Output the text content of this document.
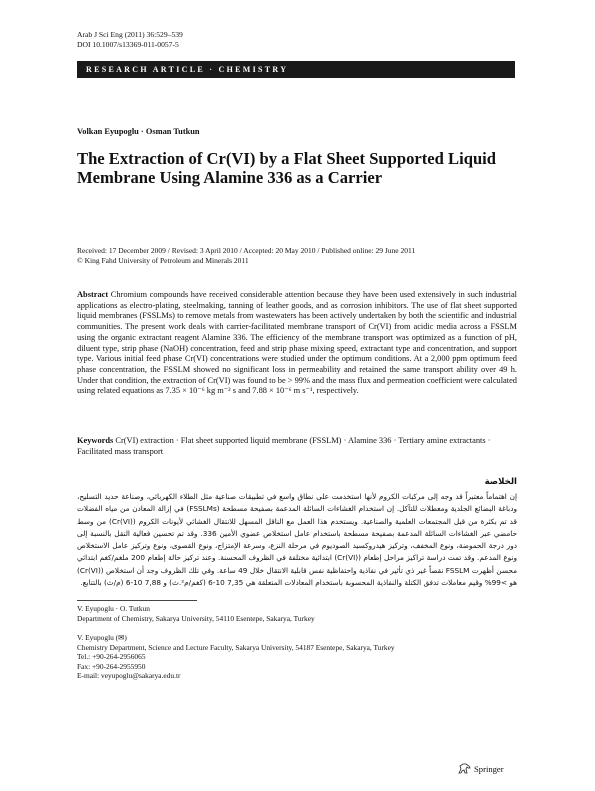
Arab J Sci Eng (2011) 36:529–539
DOI 10.1007/s13369-011-0057-5
RESEARCH ARTICLE · CHEMISTRY
Volkan Eyupoglu · Osman Tutkun
The Extraction of Cr(VI) by a Flat Sheet Supported Liquid Membrane Using Alamine 336 as a Carrier
Received: 17 December 2009 / Revised: 3 April 2010 / Accepted: 20 May 2010 / Published online: 29 June 2011
© King Fahd University of Petroleum and Minerals 2011
Abstract Chromium compounds have received considerable attention because they have been used extensively in such industrial applications as electro-plating, steelmaking, tanning of leather goods, and as corrosion inhibitors. The use of flat sheet supported liquid membranes (FSSLMs) to remove metals from wastewaters has been actively undertaken by both the scientific and industrial communities. The present work deals with carrier-facilitated membrane transport of Cr(VI) from acidic media across a FSSLM using the organic extractant reagent Alamine 336. The efficiency of the membrane transport was optimized as a function of pH, diluent type, strip phase (NaOH) concentration, feed and strip phase mixing speed, extractant type and concentration, and support type. Various initial feed phase Cr(VI) concentrations were studied under the optimum conditions. At a 2,000 ppm optimum feed phase concentration, the FSSLM showed no significant loss in permeability and retained the same transport ability over 49 h. Under that condition, the extraction of Cr(VI) was found to be > 99% and the mass flux and permeation coefficient were calculated using related equations as 7.35 × 10⁻⁶ kg m⁻² s and 7.88 × 10⁻⁶ m s⁻¹, respectively.
Keywords Cr(VI) extraction · Flat sheet supported liquid membrane (FSSLM) · Alamine 336 · Tertiary amine extractants · Facilitated mass transport
الخلاصة
إن اهتماماً معتبراً قد وجه إلى مركبات الكروم لأنها استخدمت على نطاق واسع في تطبيقات صناعية مثل الطلاء الكهربائي، وصناعة حديد التسليح، ودباغة البضائع الجلدية ومعطلات للتآكل. إن استخدام الغشاءات السائلة المدعمة بصفيحة مسطحة (FSSLMs) في إزالة المعادن من مياه الفضلات قد تم بكثرة من قبل المجتمعات العلمية والصناعية. ويستخدم هذا العمل مع الناقل المسهل للانتقال الغشائي لأيونات الكروم (Cr(VI)) من وسط حامضي عبر الغشاءات السائلة المدعمة بصفيحة مسطحة باستخدام عامل استخلاص عضوي الأمين 336. وقد تم تحسين فعالية النقل بالنسبة إلى دور درجة الحموضة، ونوع المخفف، وتركيز هيدروكسيد الصوديوم في مرحلة النزع، وسرعة الإمتزاج، ونوع القصوى، ونوع وتركيز عامل الاستخلاص ونوع المدعم. وقد تمت دراسة تراكيز مراحل إطعام (Cr(VI)) ابتدائية مختلفة في الظروف المحسنة. وعند تركيز حالة إطعام 200 ملغم/كغم ابتدائي محسن أظهرت FSSLM نقصاً غير ذي تأثير في نفاذية واحتفاظية نفس قابلية الانتقال خلال 49 ساعة. وفي تلك الظروف وجد أن استخلاص (Cr(VI)) هو >99% وقيم معاملات تدفق الكتلة والنفاذية المحسوبة باستخدام المعادلات المتعلقة هي 7,35 10-6 (كغم/م².ث) و 7,88 10-6 (م/ث) بالتتابع.
V. Eyupoglu · O. Tutkun
Department of Chemistry, Sakarya University, 54110 Esentepe, Sakarya, Turkey
V. Eyupoglu (✉)
Chemistry Department, Science and Lecture Faculty, Sakarya University, 54187 Esentepe, Sakarya, Turkey
Tel.: +90-264-2956065
Fax: +90-264-2955950
E-mail: veyupoglu@sakarya.edu.tr
Springer
